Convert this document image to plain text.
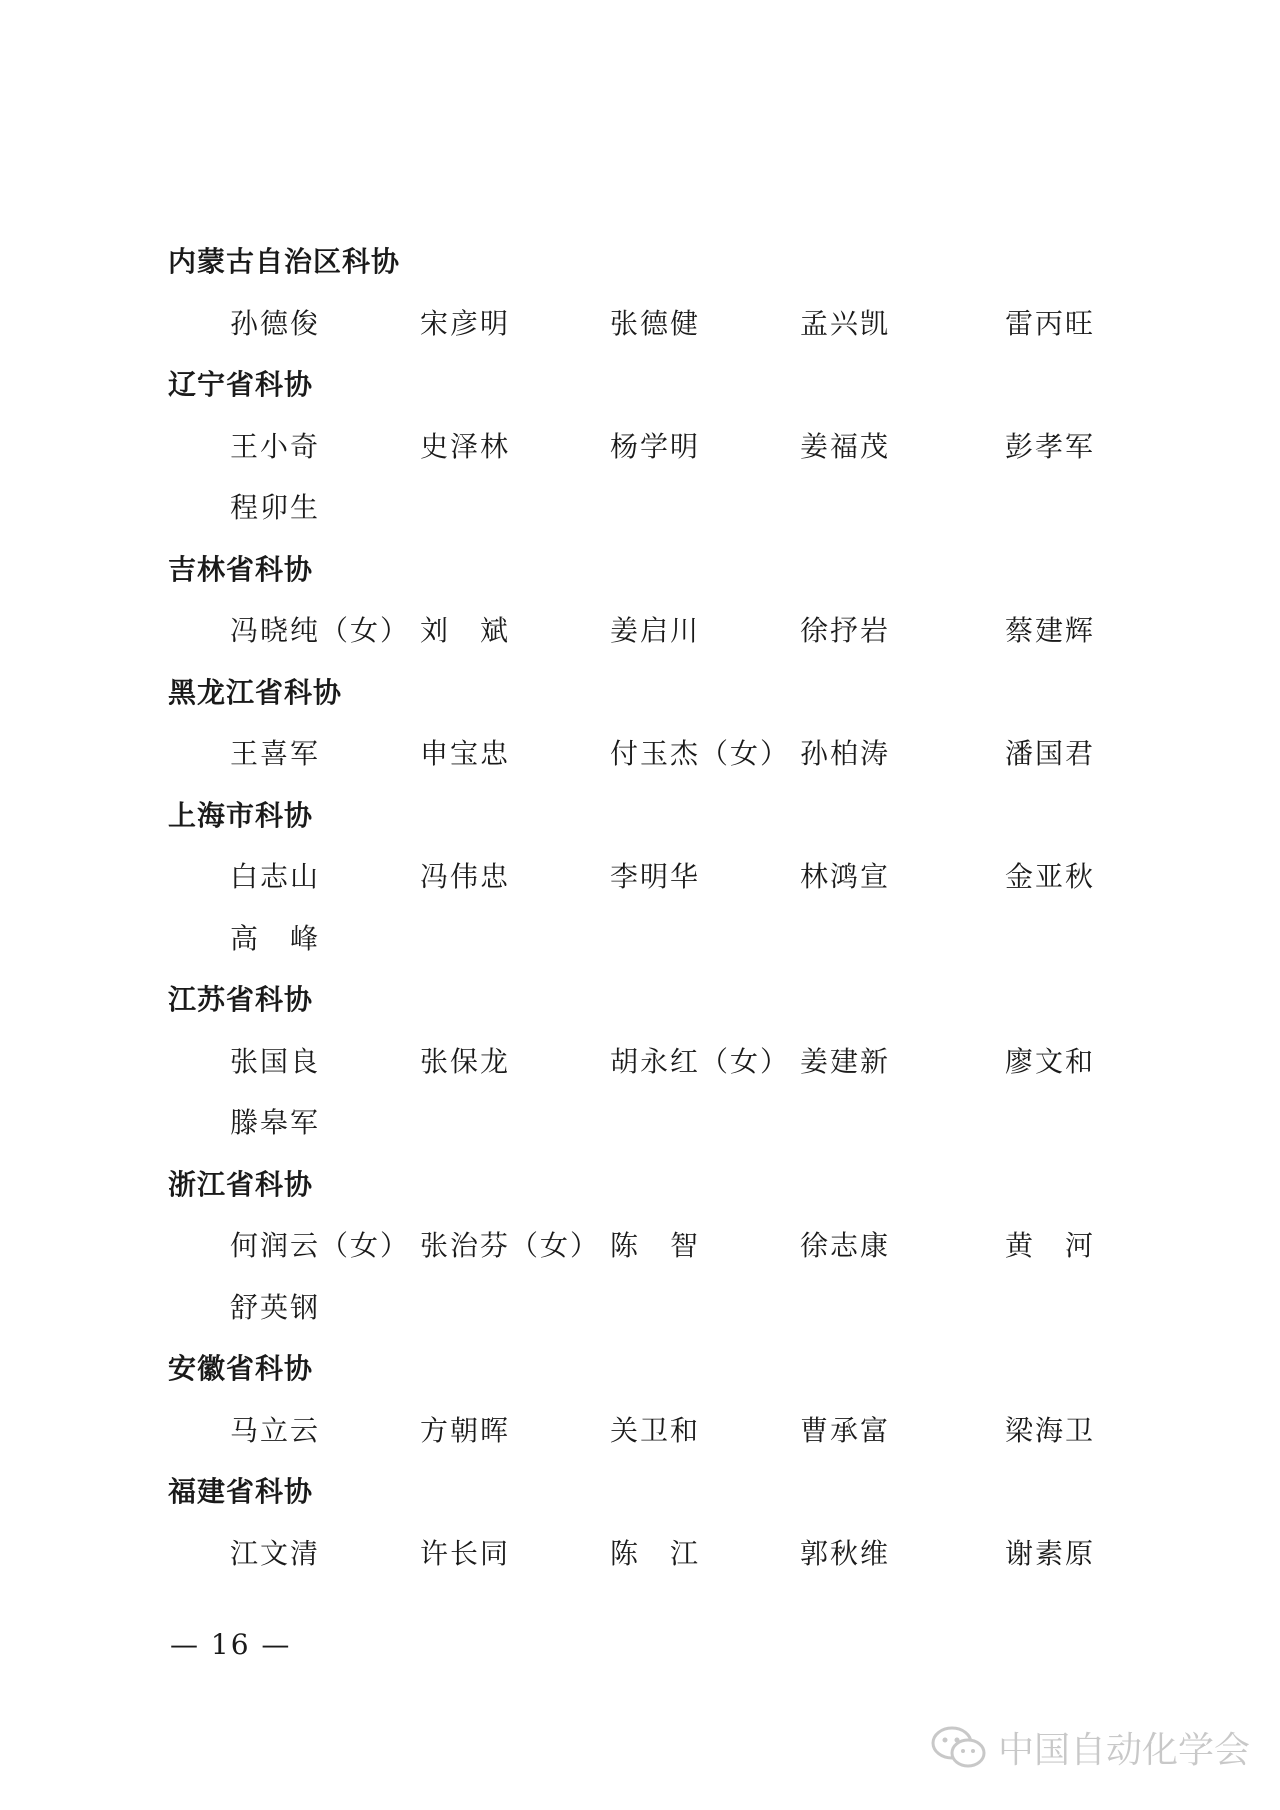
内蒙古自治区科协
孙德俊	宋彦明	张德健	孟兴凯	雷丙旺
辽宁省科协
王小奇	史泽林	杨学明	姜福茂	彭孝军
程卯生
吉林省科协
冯晓纯（女） 刘　斌	姜启川	徐抒岩	蔡建辉
黑龙江省科协
王喜军	申宝忠	付玉杰（女） 孙柏涛	潘国君
上海市科协
白志山	冯伟忠	李明华	林鸿宣	金亚秋
高　峰
江苏省科协
张国良	张保龙	胡永红（女） 姜建新	廖文和
滕皋军
浙江省科协
何润云（女） 张治芬（女） 陈　智	徐志康	黄　河
舒英钢
安徽省科协
马立云	方朝晖	关卫和	曹承富	梁海卫
福建省科协
江文清	许长同	陈　江	郭秋维	谢素原
— 16 —
中国自动化学会
